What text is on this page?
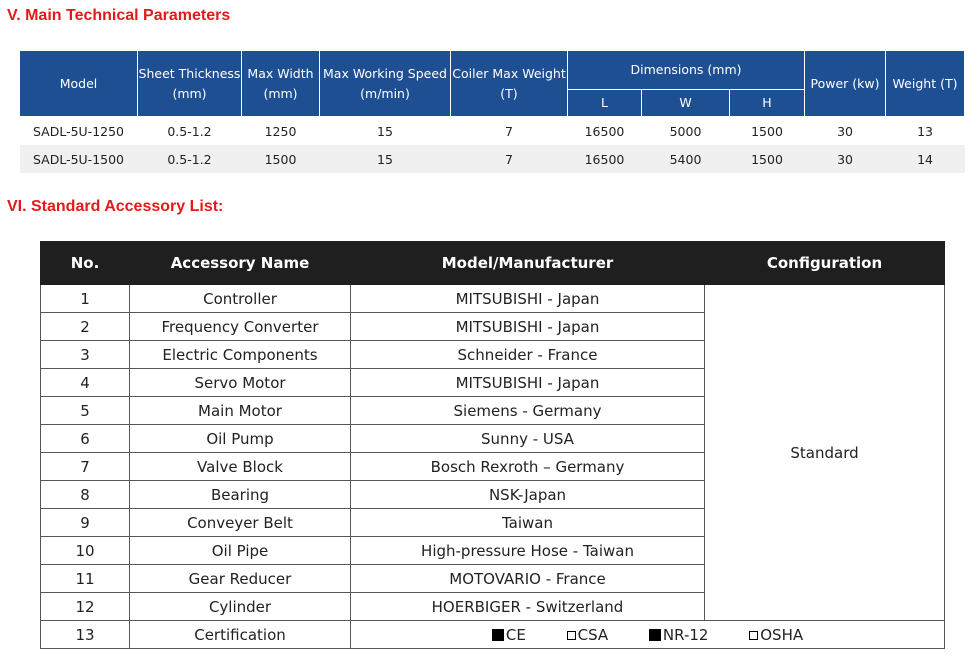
V. Main Technical Parameters
Model	Sheet Thickness (mm)	Max Width (mm)	Max Working Speed (m/min)	Coiler Max Weight (T)	Dimensions (mm)			Power (kw)	Weight (T)
					L	W	H		
SADL-5U-1250	0.5-1.2	1250	15	7	16500	5000	1500	30	13
SADL-5U-1500	0.5-1.2	1500	15	7	16500	5400	1500	30	14
VI. Standard Accessory List:
No.	Accessory Name	Model/Manufacturer	Configuration
1	Controller	MITSUBISHI - Japan	Standard
2	Frequency Converter	MITSUBISHI - Japan	
3	Electric Components	Schneider - France	
4	Servo Motor	MITSUBISHI - Japan	
5	Main Motor	Siemens - Germany	
6	Oil Pump	Sunny - USA	
7	Valve Block	Bosch Rexroth – Germany	
8	Bearing	NSK-Japan	
9	Conveyer Belt	Taiwan	
10	Oil Pipe	High-pressure Hose - Taiwan	
11	Gear Reducer	MOTOVARIO - France	
12	Cylinder	HOERBIGER - Switzerland	
13	Certification	CE CSA NR-12 OSHA	
